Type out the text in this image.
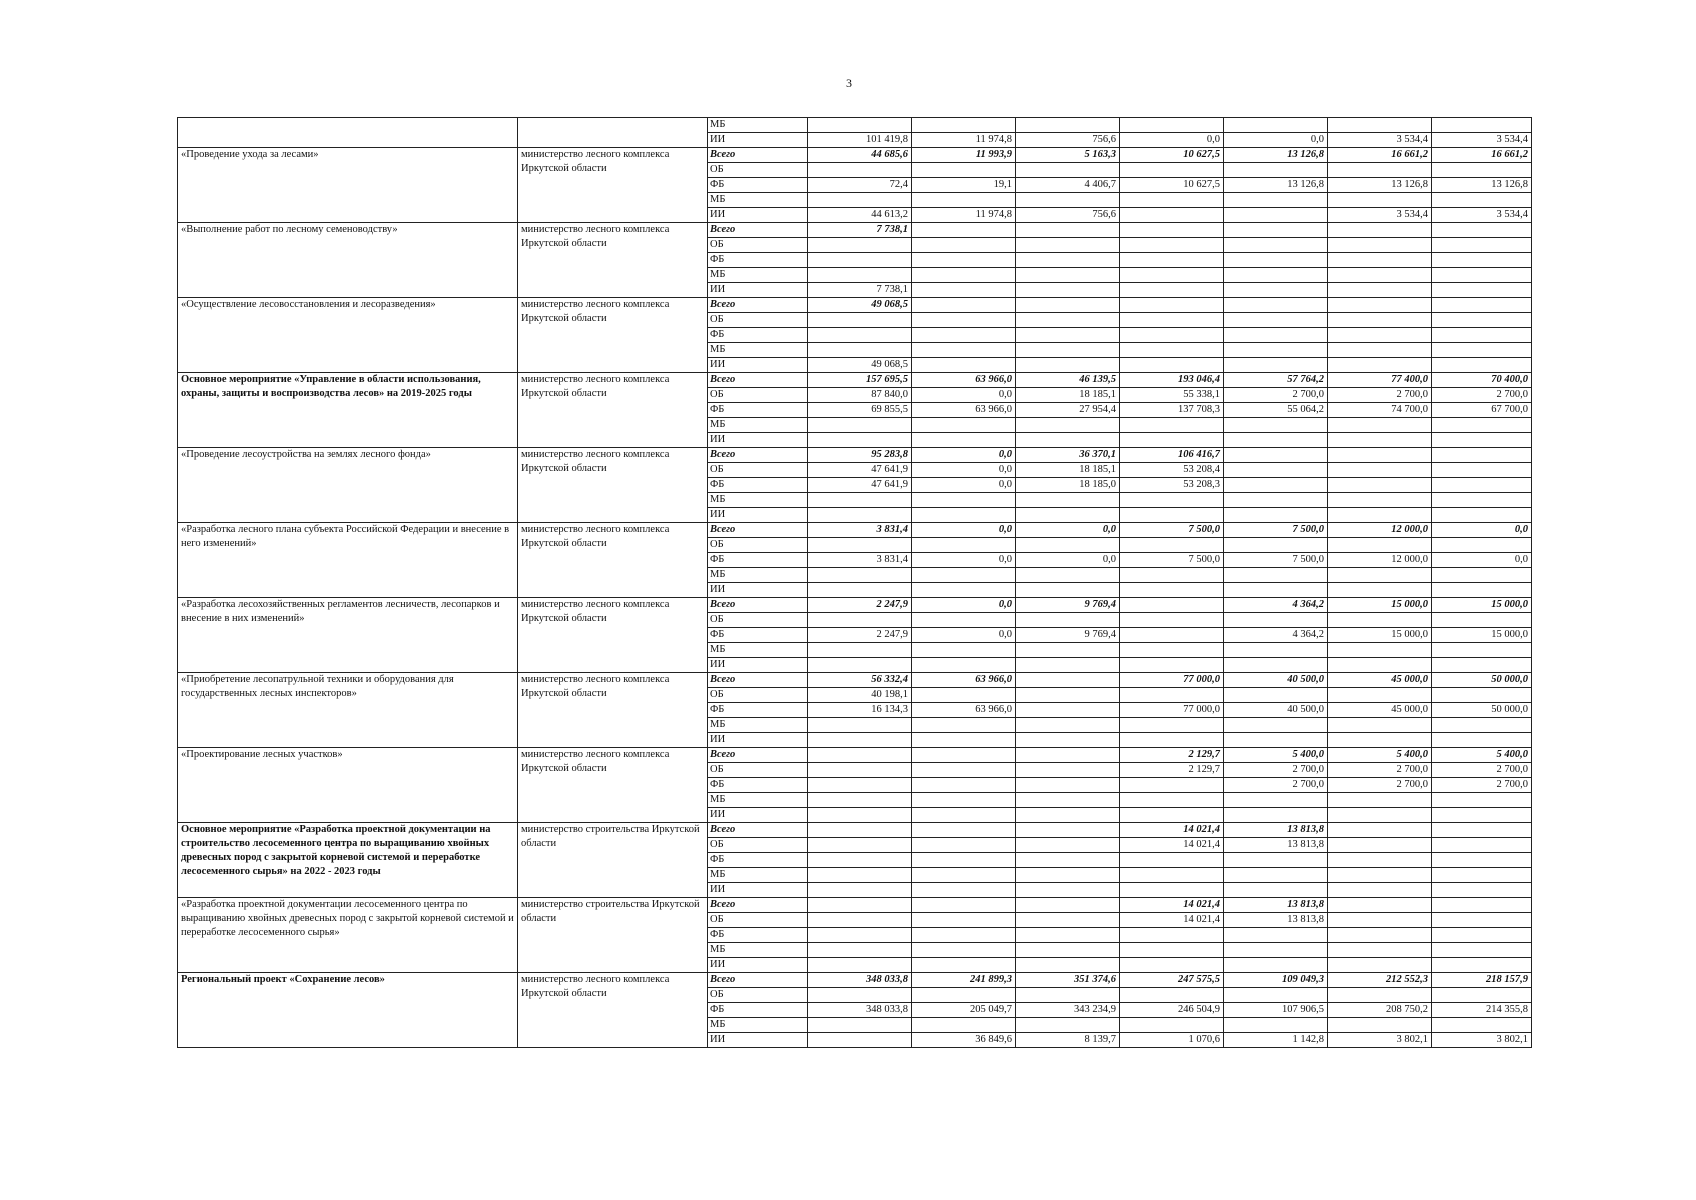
3
		МБ							
		ИИ	101 419,8	11 974,8	756,6	0,0	0,0	3 534,4	3 534,4
«Проведение ухода за лесами»	министерство лесного комплекса Иркутской области	Всего	44 685,6	11 993,9	5 163,3	10 627,5	13 126,8	16 661,2	16 661,2
		ОБ							
		ФБ	72,4	19,1	4 406,7	10 627,5	13 126,8	13 126,8	13 126,8
		МБ							
		ИИ	44 613,2	11 974,8	756,6			3 534,4	3 534,4
«Выполнение работ по лесному семеноводству»	министерство лесного комплекса Иркутской области	Всего	7 738,1						
		ОБ							
		ФБ							
		МБ							
		ИИ	7 738,1						
«Осуществление лесовосстановления и лесоразведения»	министерство лесного комплекса Иркутской области	Всего	49 068,5						
		ОБ							
		ФБ							
		МБ							
		ИИ	49 068,5						
Основное мероприятие «Управление в области использования, охраны, защиты и воспроизводства лесов» на 2019-2025 годы	министерство лесного комплекса Иркутской области	Всего	157 695,5	63 966,0	46 139,5	193 046,4	57 764,2	77 400,0	70 400,0
		ОБ	87 840,0	0,0	18 185,1	55 338,1	2 700,0	2 700,0	2 700,0
		ФБ	69 855,5	63 966,0	27 954,4	137 708,3	55 064,2	74 700,0	67 700,0
		МБ							
		ИИ							
«Проведение лесоустройства на землях лесного фонда»	министерство лесного комплекса Иркутской области	Всего	95 283,8	0,0	36 370,1	106 416,7			
		ОБ	47 641,9	0,0	18 185,1	53 208,4			
		ФБ	47 641,9	0,0	18 185,0	53 208,3			
		МБ							
		ИИ							
«Разработка лесного плана субъекта Российской Федерации и внесение в него изменений»	министерство лесного комплекса Иркутской области	Всего	3 831,4	0,0	0,0	7 500,0	7 500,0	12 000,0	0,0
		ОБ							
		ФБ	3 831,4	0,0	0,0	7 500,0	7 500,0	12 000,0	0,0
		МБ							
		ИИ							
«Разработка лесохозяйственных регламентов лесничеств, лесопарков и внесение в них изменений»	министерство лесного комплекса Иркутской области	Всего	2 247,9	0,0	9 769,4		4 364,2	15 000,0	15 000,0
		ОБ							
		ФБ	2 247,9	0,0	9 769,4		4 364,2	15 000,0	15 000,0
		МБ							
		ИИ							
«Приобретение лесопатрульной техники и оборудования для государственных лесных инспекторов»	министерство лесного комплекса Иркутской области	Всего	56 332,4	63 966,0		77 000,0	40 500,0	45 000,0	50 000,0
		ОБ	40 198,1						
		ФБ	16 134,3	63 966,0		77 000,0	40 500,0	45 000,0	50 000,0
		МБ							
		ИИ							
«Проектирование лесных участков»	министерство лесного комплекса Иркутской области	Всего				2 129,7	5 400,0	5 400,0	5 400,0
		ОБ				2 129,7	2 700,0	2 700,0	2 700,0
		ФБ					2 700,0	2 700,0	2 700,0
		МБ							
		ИИ							
Основное мероприятие «Разработка проектной документации на строительство лесосеменного центра по выращиванию хвойных древесных пород с закрытой корневой системой и переработке лесосеменного сырья» на 2022 - 2023 годы	министерство строительства Иркутской области	Всего				14 021,4	13 813,8		
		ОБ				14 021,4	13 813,8		
		ФБ							
		МБ							
		ИИ							
«Разработка проектной документации лесосеменного центра по выращиванию хвойных древесных пород с закрытой корневой системой и переработке лесосеменного сырья»	министерство строительства Иркутской области	Всего				14 021,4	13 813,8		
		ОБ				14 021,4	13 813,8		
		ФБ							
		МБ							
		ИИ							
Региональный проект «Сохранение лесов»	министерство лесного комплекса Иркутской области	Всего	348 033,8	241 899,3	351 374,6	247 575,5	109 049,3	212 552,3	218 157,9
		ОБ							
		ФБ	348 033,8	205 049,7	343 234,9	246 504,9	107 906,5	208 750,2	214 355,8
		МБ							
		ИИ		36 849,6	8 139,7	1 070,6	1 142,8	3 802,1	3 802,1
